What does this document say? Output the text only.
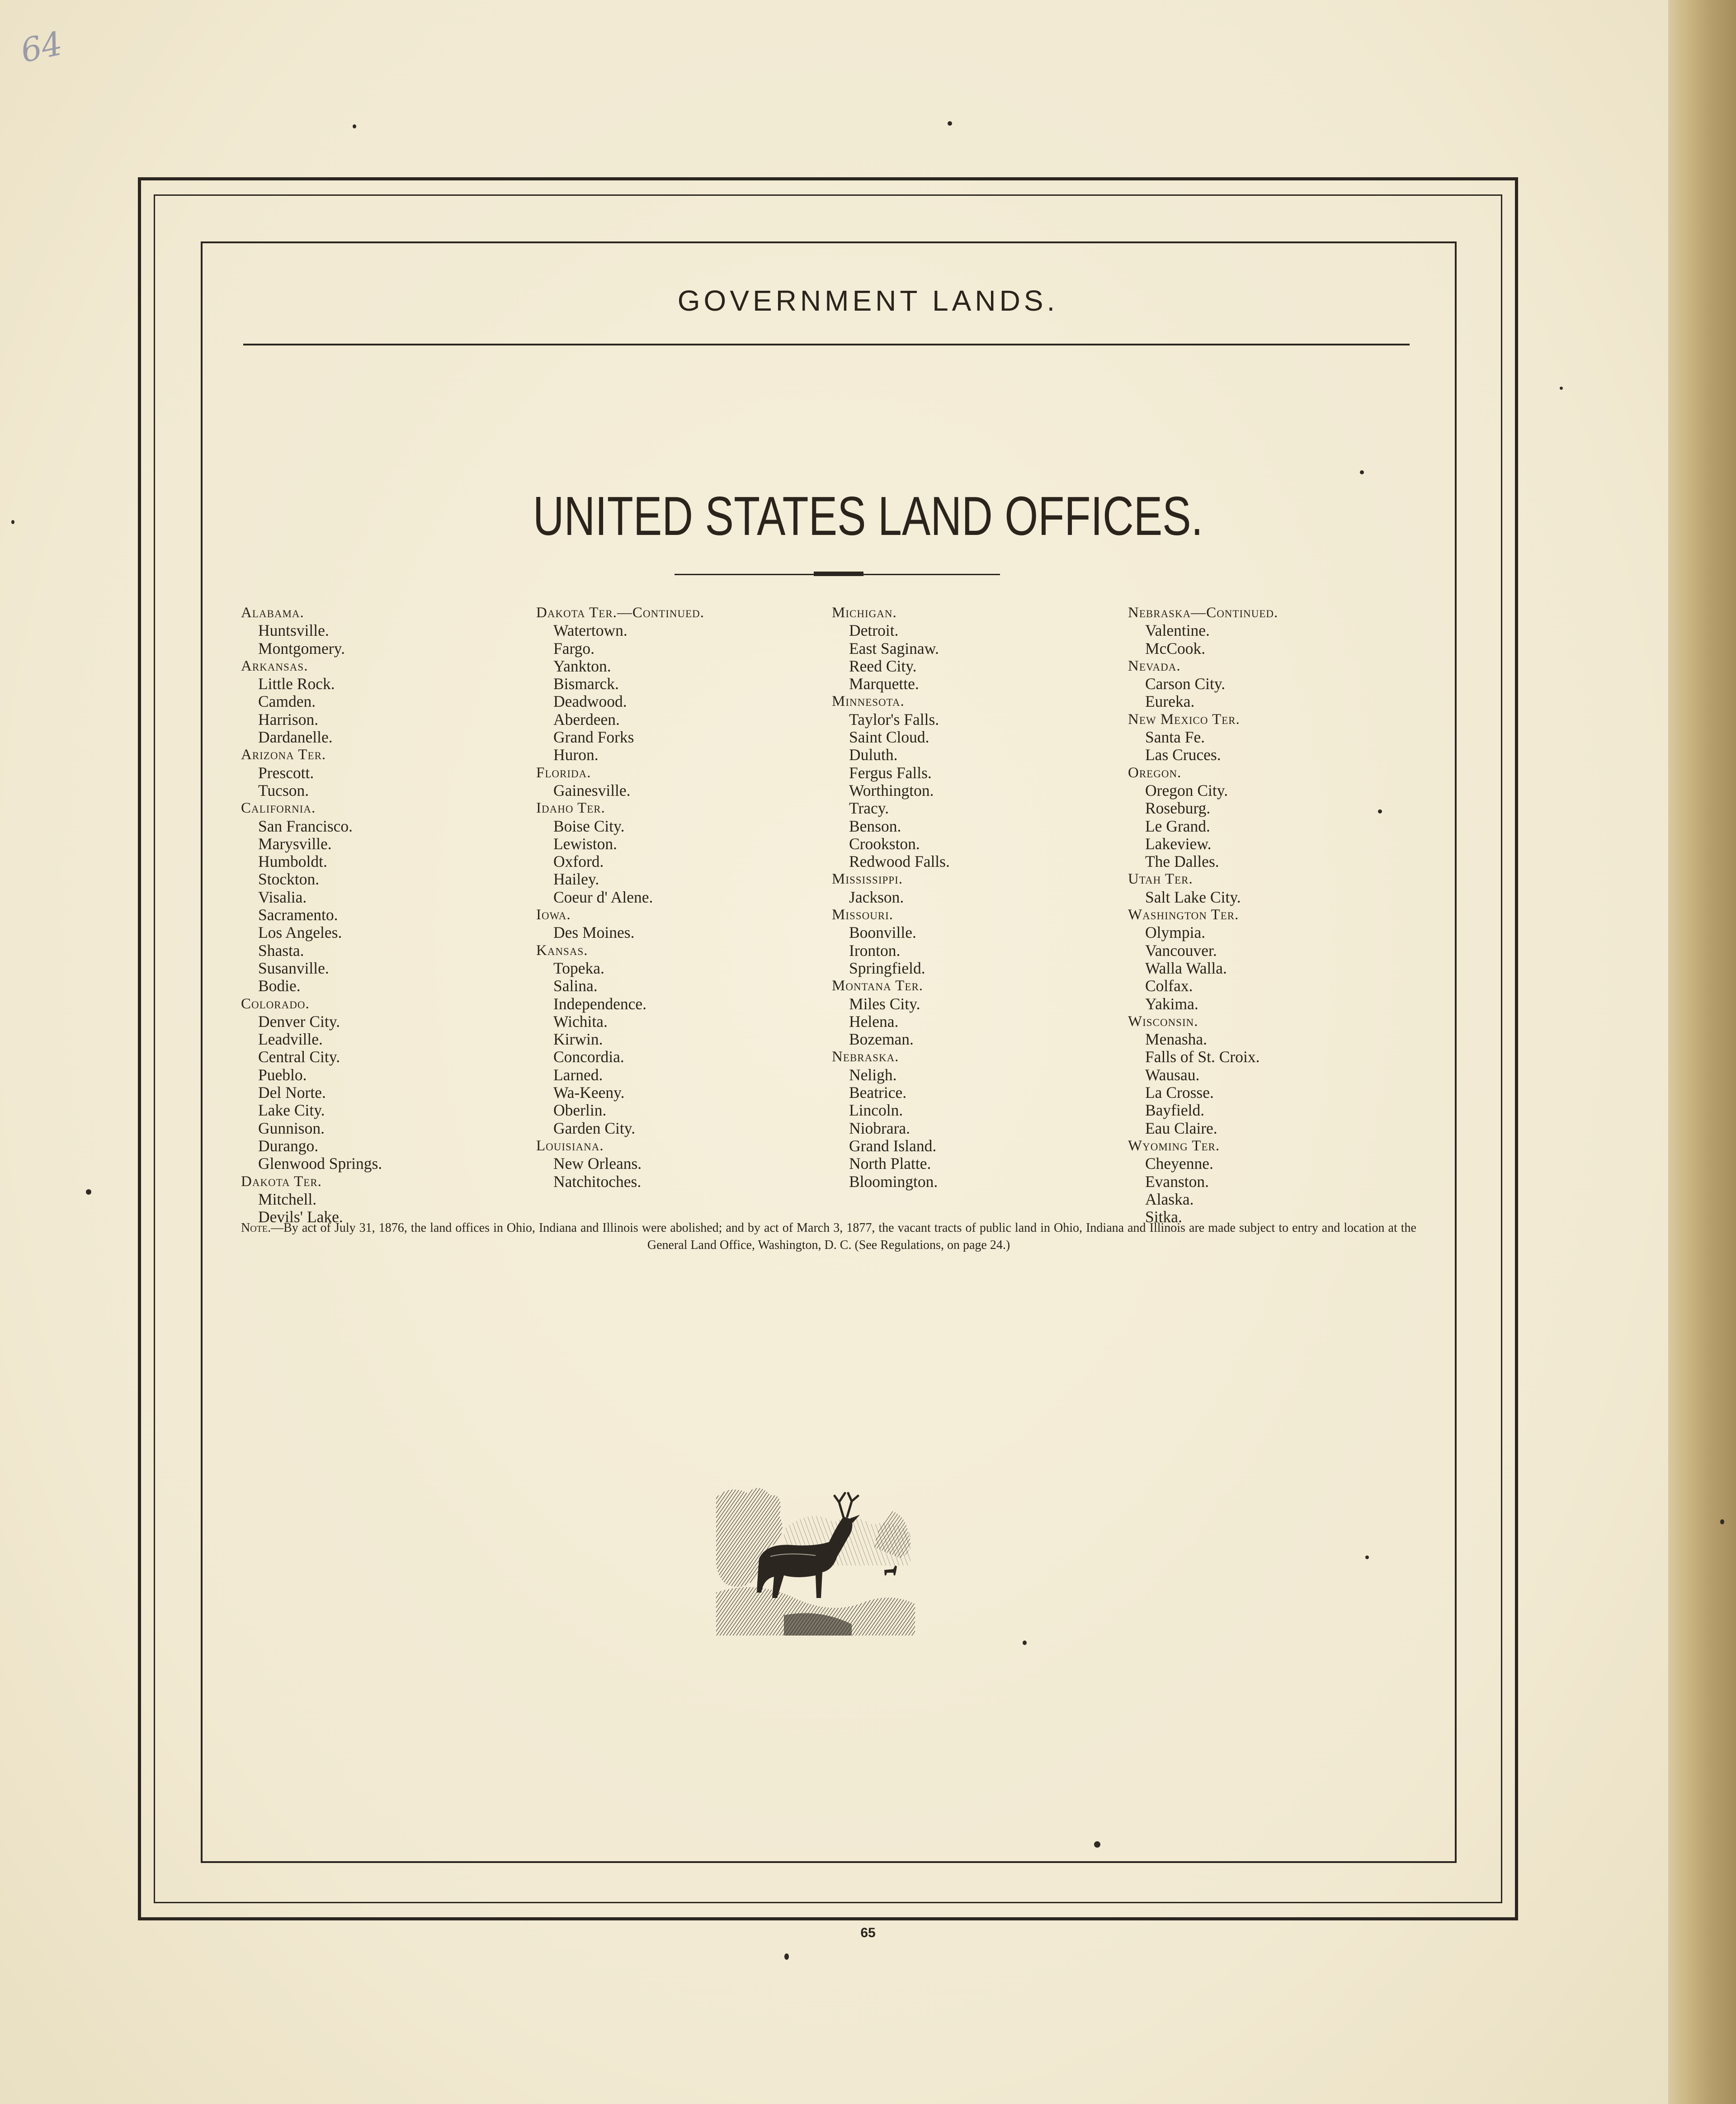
64
GOVERNMENT LANDS.
UNITED STATES LAND OFFICES.
Alabama.
Huntsville.
Montgomery.
Arkansas.
Little Rock.
Camden.
Harrison.
Dardanelle.
Arizona Ter.
Prescott.
Tucson.
California.
San Francisco.
Marysville.
Humboldt.
Stockton.
Visalia.
Sacramento.
Los Angeles.
Shasta.
Susanville.
Bodie.
Colorado.
Denver City.
Leadville.
Central City.
Pueblo.
Del Norte.
Lake City.
Gunnison.
Durango.
Glenwood Springs.
Dakota Ter.
Mitchell.
Devils' Lake.
Dakota Ter.—Continued.
Watertown.
Fargo.
Yankton.
Bismarck.
Deadwood.
Aberdeen.
Grand Forks
Huron.
Florida.
Gainesville.
Idaho Ter.
Boise City.
Lewiston.
Oxford.
Hailey.
Coeur d' Alene.
Iowa.
Des Moines.
Kansas.
Topeka.
Salina.
Independence.
Wichita.
Kirwin.
Concordia.
Larned.
Wa-Keeny.
Oberlin.
Garden City.
Louisiana.
New Orleans.
Natchitoches.
Michigan.
Detroit.
East Saginaw.
Reed City.
Marquette.
Minnesota.
Taylor's Falls.
Saint Cloud.
Duluth.
Fergus Falls.
Worthington.
Tracy.
Benson.
Crookston.
Redwood Falls.
Mississippi.
Jackson.
Missouri.
Boonville.
Ironton.
Springfield.
Montana Ter.
Miles City.
Helena.
Bozeman.
Nebraska.
Neligh.
Beatrice.
Lincoln.
Niobrara.
Grand Island.
North Platte.
Bloomington.
Nebraska—Continued.
Valentine.
McCook.
Nevada.
Carson City.
Eureka.
New Mexico Ter.
Santa Fe.
Las Cruces.
Oregon.
Oregon City.
Roseburg.
Le Grand.
Lakeview.
The Dalles.
Utah Ter.
Salt Lake City.
Washington Ter.
Olympia.
Vancouver.
Walla Walla.
Colfax.
Yakima.
Wisconsin.
Menasha.
Falls of St. Croix.
Wausau.
La Crosse.
Bayfield.
Eau Claire.
Wyoming Ter.
Cheyenne.
Evanston.
Alaska.
Sitka.
Note.—By act of July 31, 1876, the land offices in Ohio, Indiana and Illinois were abolished; and by act of March 3, 1877, the vacant tracts of public land in Ohio, Indiana and Illinois are made subject to entry and location at the General Land Office, Washington, D. C. (See Regulations, on page 24.)
65
